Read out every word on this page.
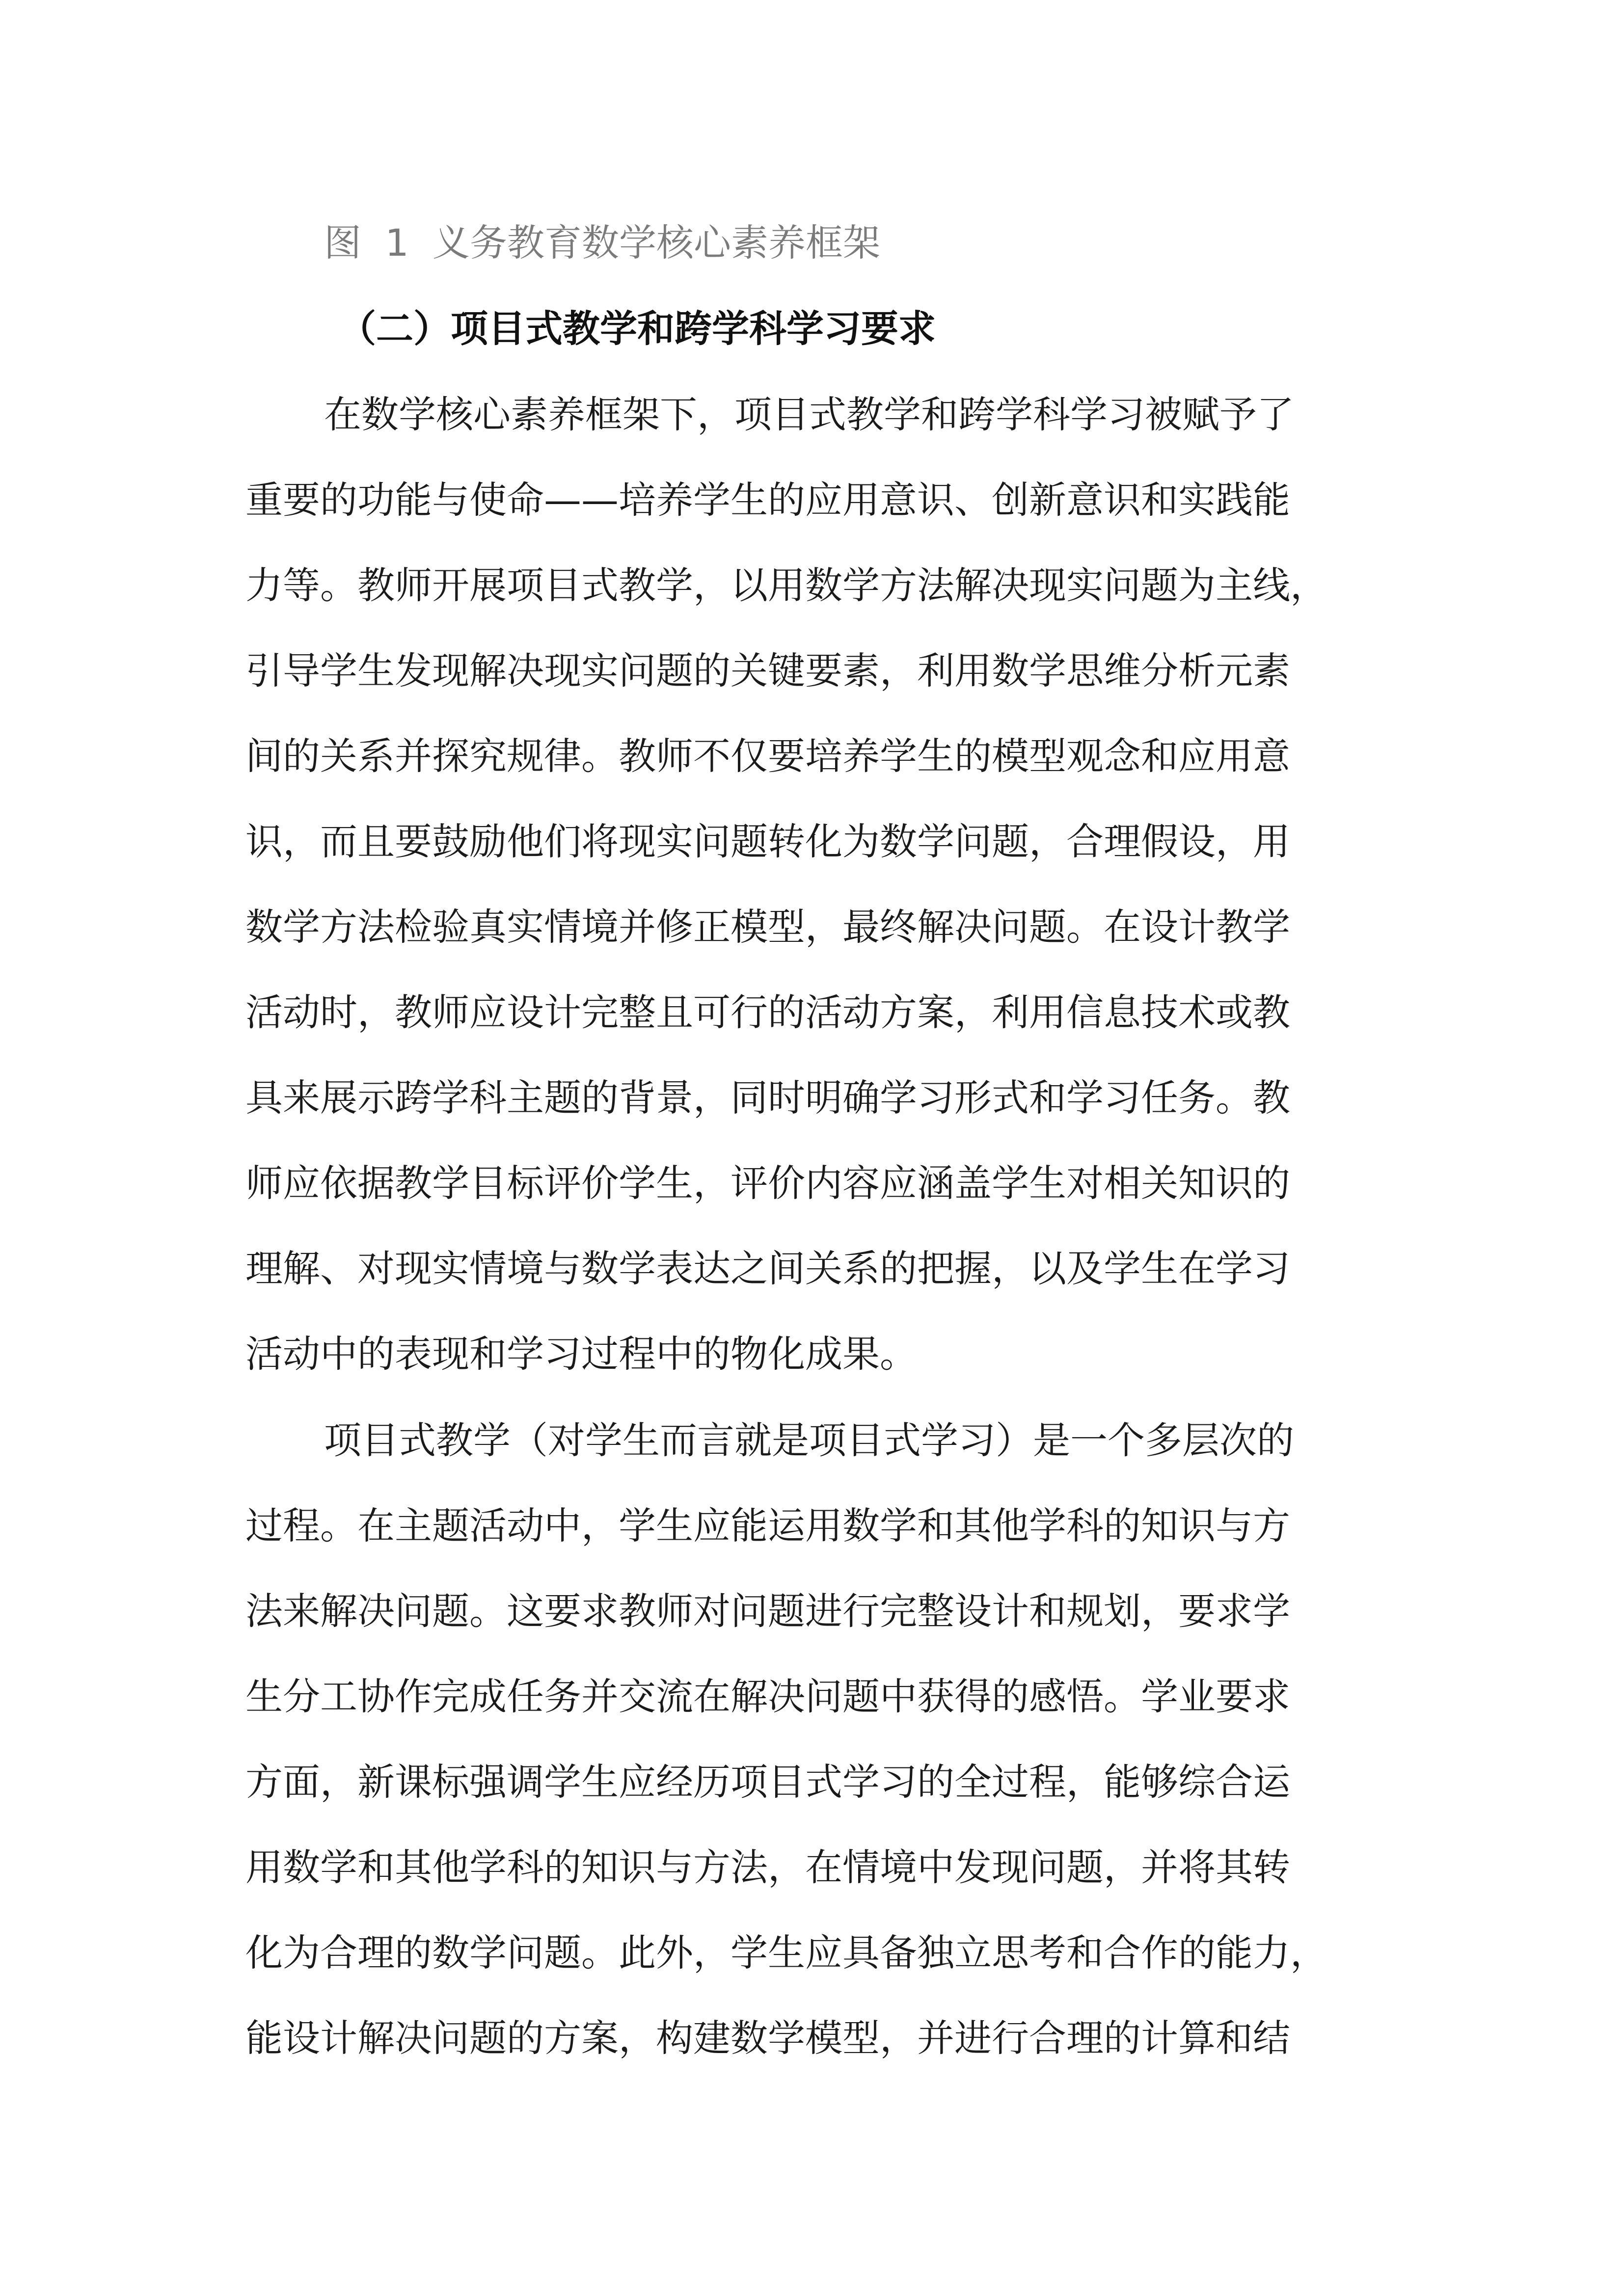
图  1  义务教育数学核心素养框架
（二）项目式教学和跨学科学习要求
在数学核心素养框架下，项目式教学和跨学科学习被赋予了
重要的功能与使命——培养学生的应用意识、创新意识和实践能
力等。教师开展项目式教学，以用数学方法解决现实问题为主线，
引导学生发现解决现实问题的关键要素，利用数学思维分析元素
间的关系并探究规律。教师不仅要培养学生的模型观念和应用意
识，而且要鼓励他们将现实问题转化为数学问题，合理假设，用
数学方法检验真实情境并修正模型，最终解决问题。在设计教学
活动时，教师应设计完整且可行的活动方案，利用信息技术或教
具来展示跨学科主题的背景，同时明确学习形式和学习任务。教
师应依据教学目标评价学生，评价内容应涵盖学生对相关知识的
理解、对现实情境与数学表达之间关系的把握，以及学生在学习
活动中的表现和学习过程中的物化成果。
项目式教学（对学生而言就是项目式学习）是一个多层次的
过程。在主题活动中，学生应能运用数学和其他学科的知识与方
法来解决问题。这要求教师对问题进行完整设计和规划，要求学
生分工协作完成任务并交流在解决问题中获得的感悟。学业要求
方面，新课标强调学生应经历项目式学习的全过程，能够综合运
用数学和其他学科的知识与方法，在情境中发现问题，并将其转
化为合理的数学问题。此外，学生应具备独立思考和合作的能力，
能设计解决问题的方案，构建数学模型，并进行合理的计算和结
